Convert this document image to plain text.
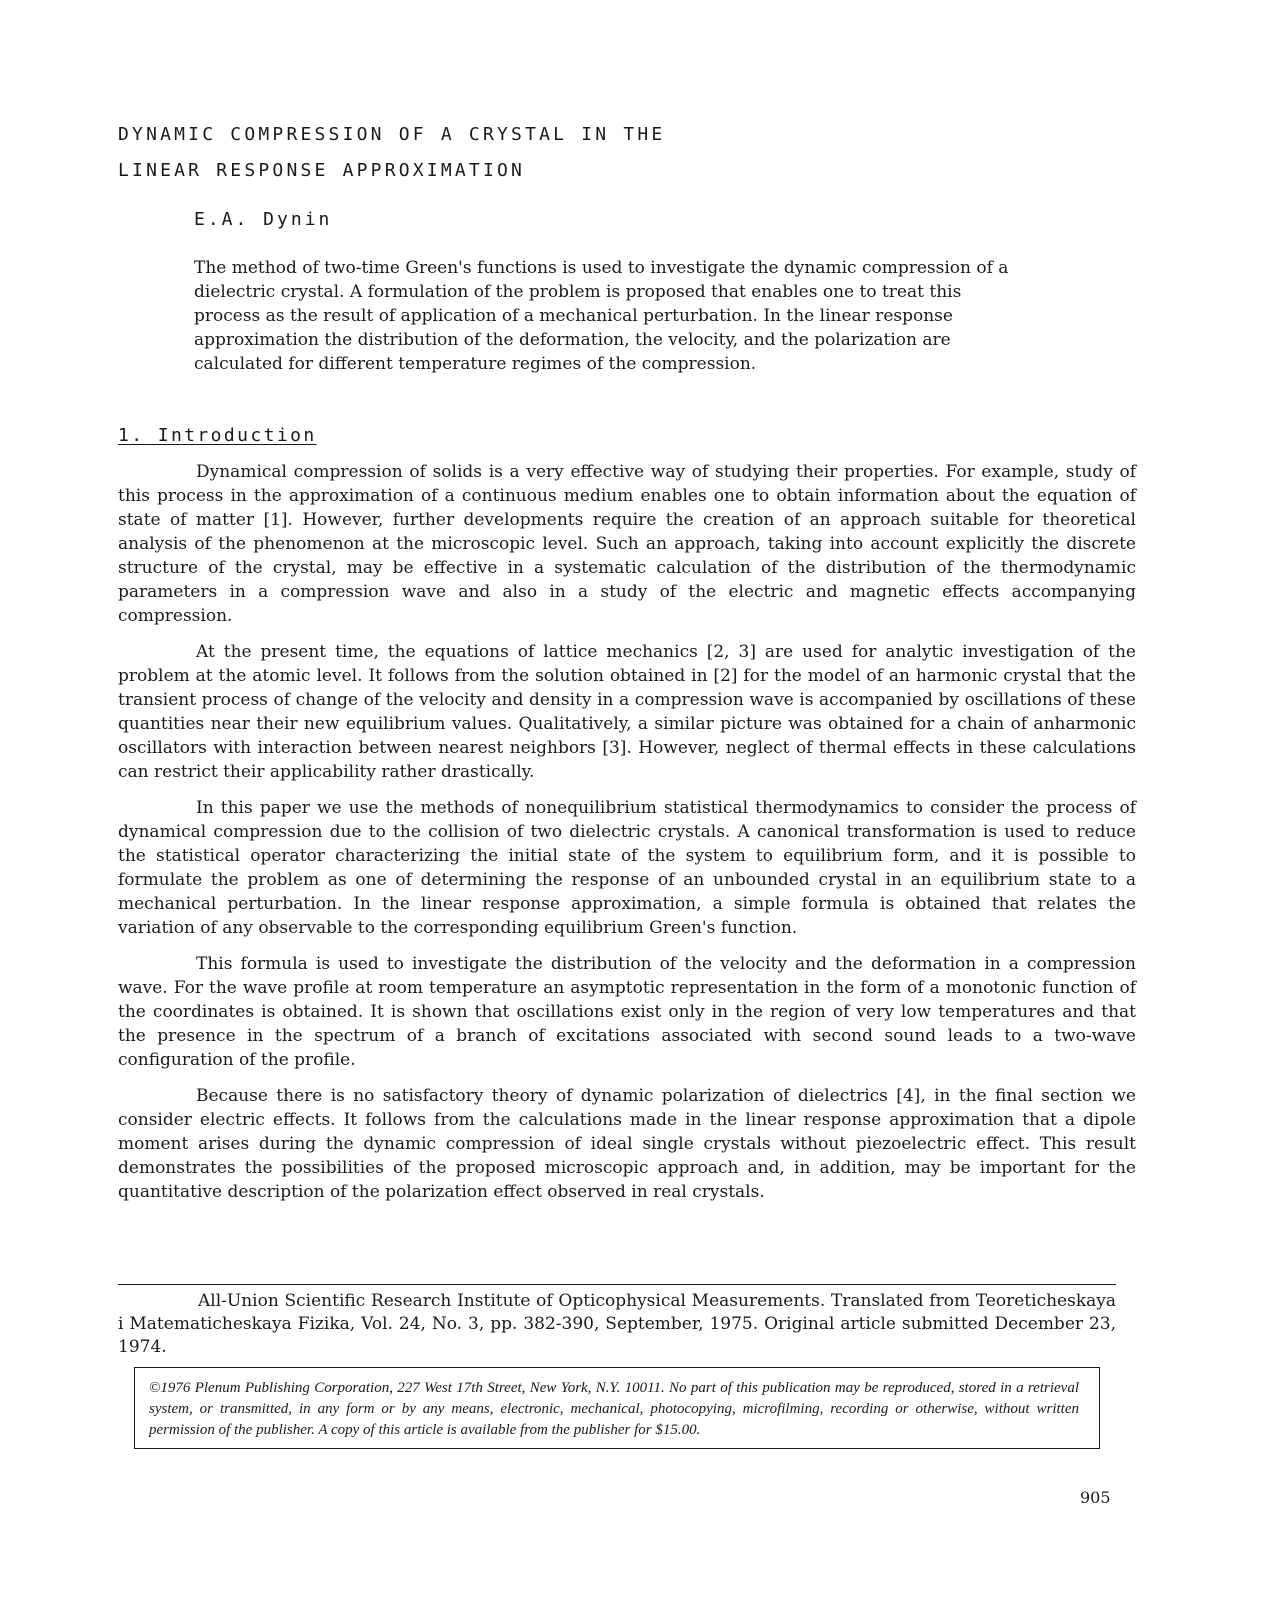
DYNAMIC COMPRESSION OF A CRYSTAL IN THE
LINEAR RESPONSE APPROXIMATION
E.A. Dynin

The method of two-time Green's functions is used to investigate the dynamic compression of a dielectric crystal. A formulation of the problem is proposed that enables one to treat this process as the result of application of a mechanical perturbation. In the linear response approximation the distribution of the deformation, the velocity, and the polarization are calculated for different temperature regimes of the compression.

1. Introduction

Dynamical compression of solids is a very effective way of studying their properties. For example, study of this process in the approximation of a continuous medium enables one to obtain information about the equation of state of matter [1]. However, further developments require the creation of an approach suitable for theoretical analysis of the phenomenon at the microscopic level. Such an approach, taking into account explicitly the discrete structure of the crystal, may be effective in a systematic calculation of the distribution of the thermodynamic parameters in a compression wave and also in a study of the electric and magnetic effects accompanying compression.

At the present time, the equations of lattice mechanics [2, 3] are used for analytic investigation of the problem at the atomic level. It follows from the solution obtained in [2] for the model of an harmonic crystal that the transient process of change of the velocity and density in a compression wave is accompanied by oscillations of these quantities near their new equilibrium values. Qualitatively, a similar picture was obtained for a chain of anharmonic oscillators with interaction between nearest neighbors [3]. However, neglect of thermal effects in these calculations can restrict their applicability rather drastically.

In this paper we use the methods of nonequilibrium statistical thermodynamics to consider the process of dynamical compression due to the collision of two dielectric crystals. A canonical transformation is used to reduce the statistical operator characterizing the initial state of the system to equilibrium form, and it is possible to formulate the problem as one of determining the response of an unbounded crystal in an equilibrium state to a mechanical perturbation. In the linear response approximation, a simple formula is obtained that relates the variation of any observable to the corresponding equilibrium Green's function.

This formula is used to investigate the distribution of the velocity and the deformation in a compression wave. For the wave profile at room temperature an asymptotic representation in the form of a monotonic function of the coordinates is obtained. It is shown that oscillations exist only in the region of very low temperatures and that the presence in the spectrum of a branch of excitations associated with second sound leads to a two-wave configuration of the profile.

Because there is no satisfactory theory of dynamic polarization of dielectrics [4], in the final section we consider electric effects. It follows from the calculations made in the linear response approximation that a dipole moment arises during the dynamic compression of ideal single crystals without piezoelectric effect. This result demonstrates the possibilities of the proposed microscopic approach and, in addition, may be important for the quantitative description of the polarization effect observed in real crystals.

All-Union Scientific Research Institute of Opticophysical Measurements. Translated from Teoreticheskaya i Matematicheskaya Fizika, Vol. 24, No. 3, pp. 382-390, September, 1975. Original article submitted December 23, 1974.

©1976 Plenum Publishing Corporation, 227 West 17th Street, New York, N.Y. 10011. No part of this publication may be reproduced, stored in a retrieval system, or transmitted, in any form or by any means, electronic, mechanical, photocopying, microfilming, recording or otherwise, without written permission of the publisher. A copy of this article is available from the publisher for $15.00.

905
